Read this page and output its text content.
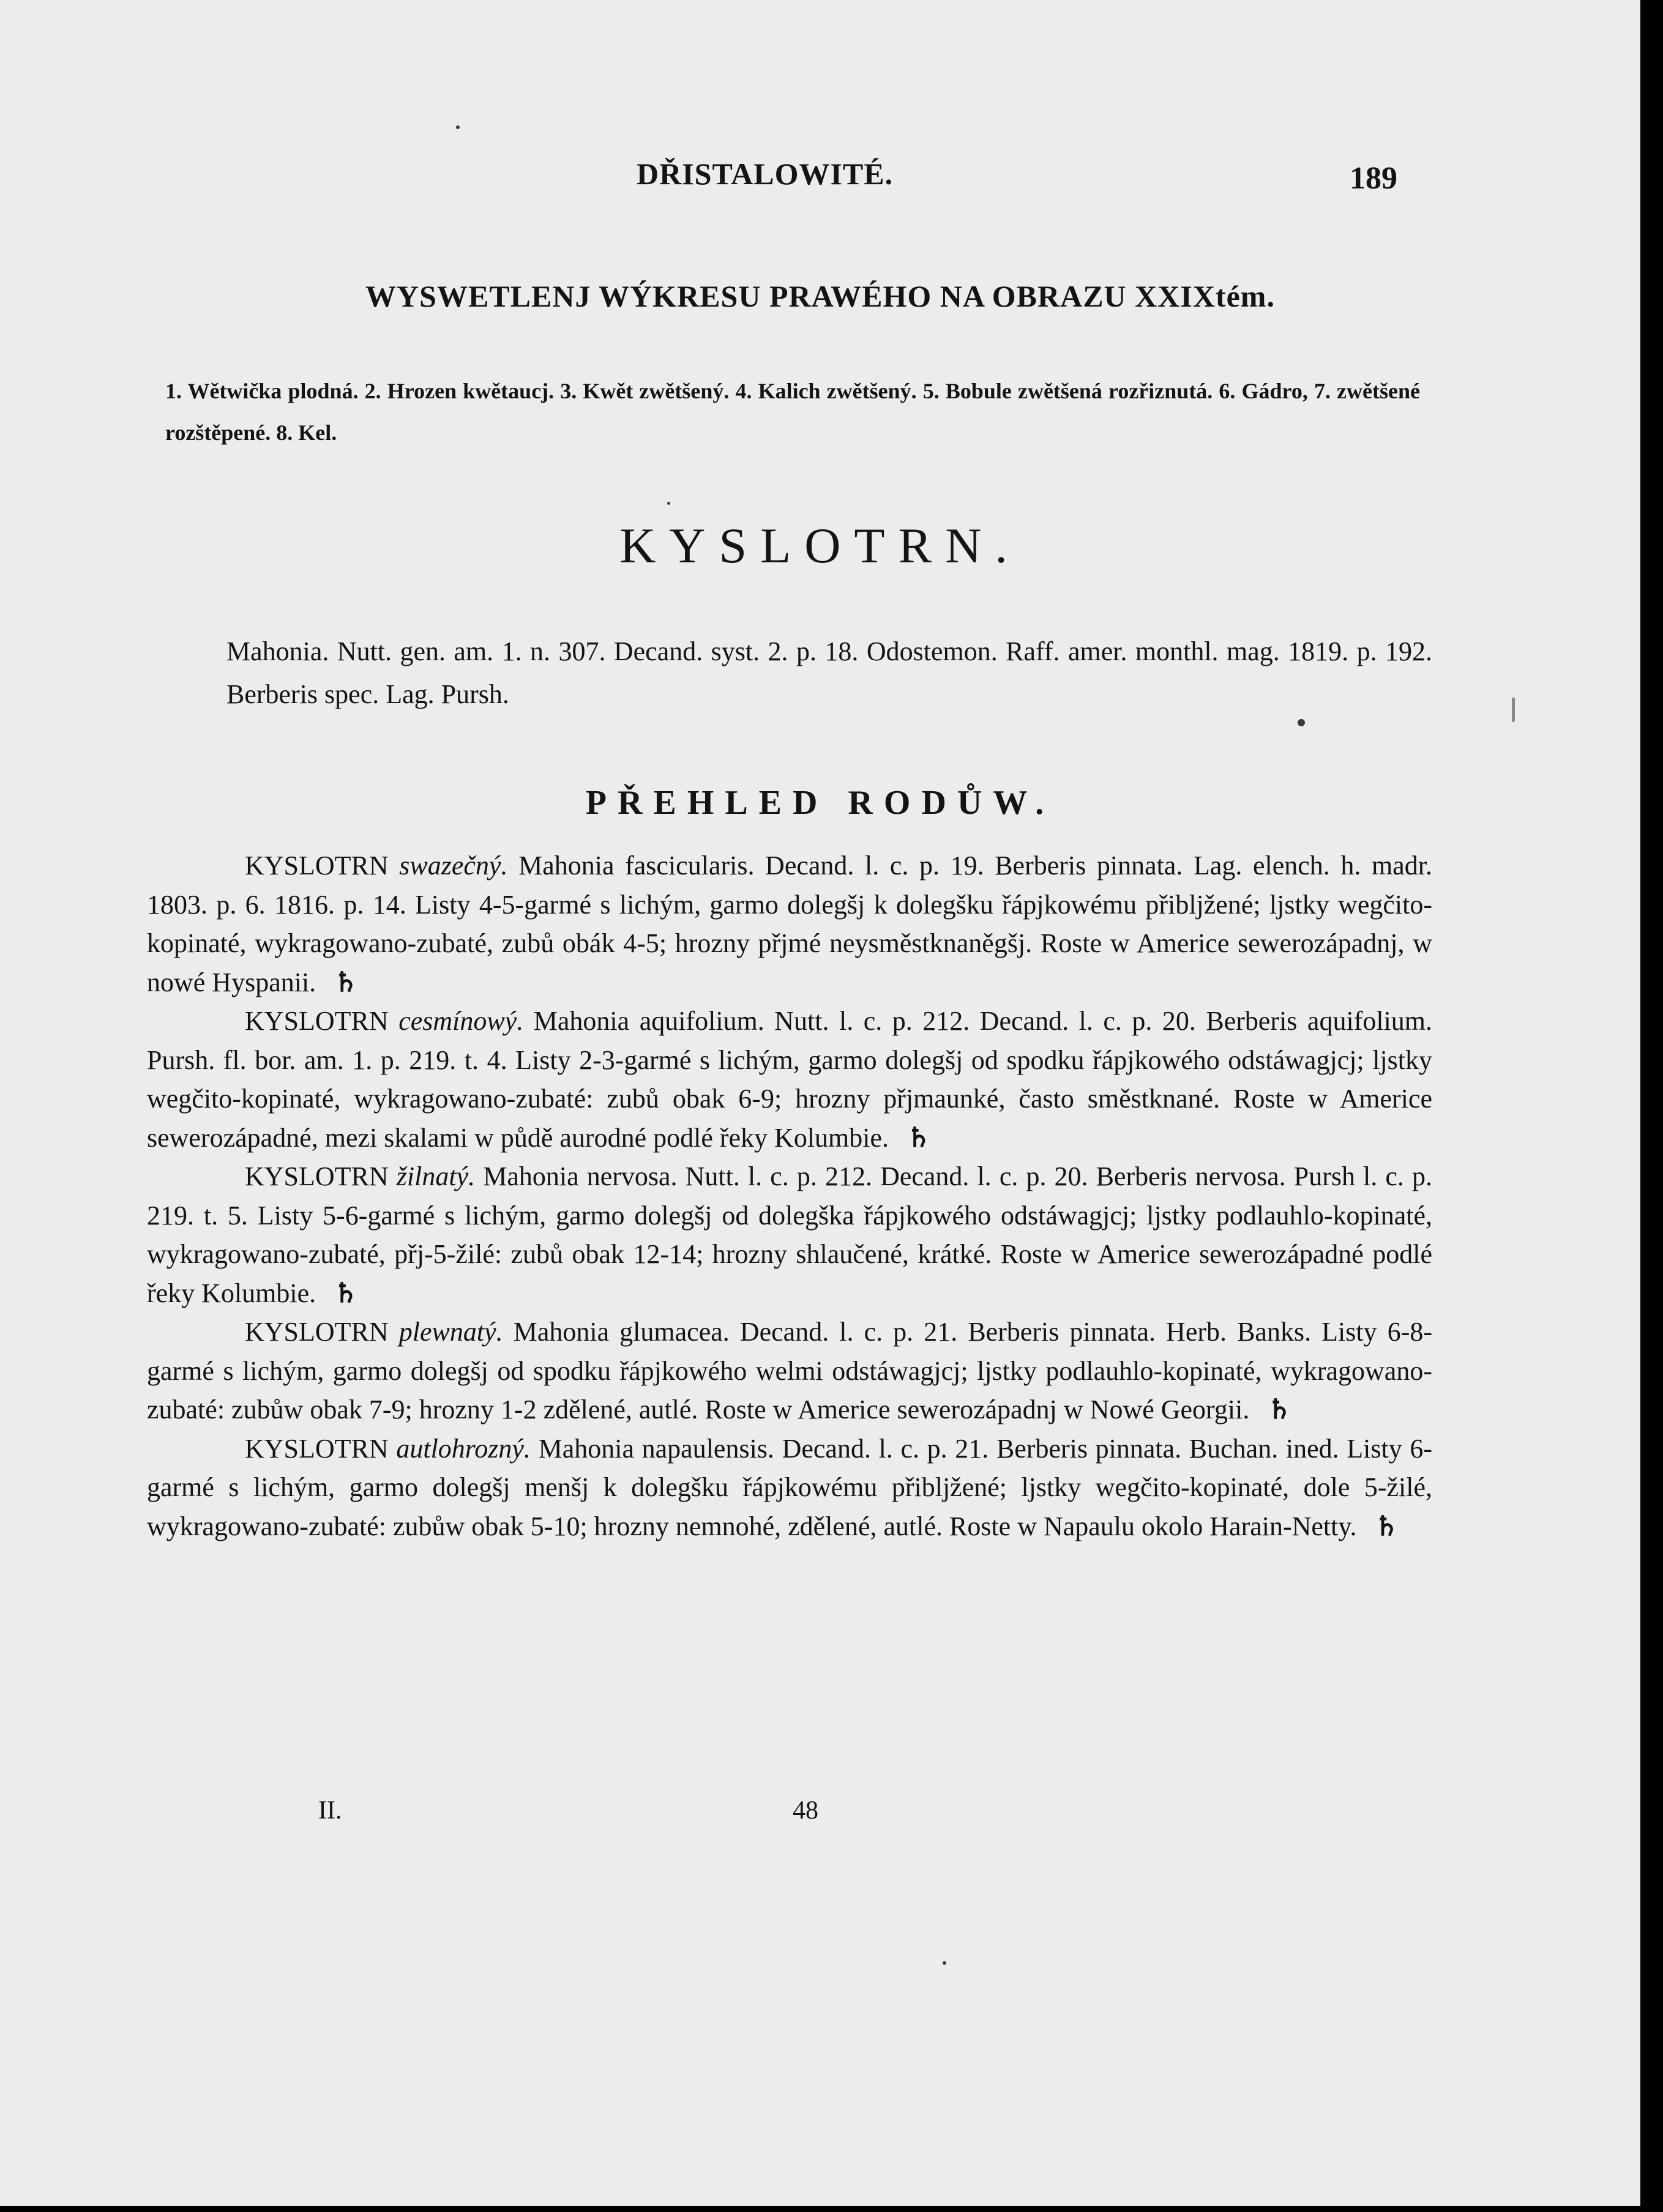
DŘISTALOWITÉ.	189
WYSWETLENJ WÝKRESU PRAWÉHO NA OBRAZU XXIXtém.
1. Wětwička plodná. 2. Hrozen kwětaucj. 3. Kwět zwětšený. 4. Kalich zwětšený. 5. Bobule zwětšená rozřiznutá. 6. Gádro, 7. zwětšené rozštěpené. 8. Kel.
KYSLOTRN.
Mahonia. Nutt. gen. am. 1. n. 307. Decand. syst. 2. p. 18. Odostemon. Raff. amer. monthl. mag. 1819. p. 192. Berberis spec. Lag. Pursh.
PŘEHLED RODŮW.

KYSLOTRN swazečný. Mahonia fascicularis. Decand. l. c. p. 19. Berberis pinnata. Lag. elench. h. madr. 1803. p. 6. 1816. p. 14. Listy 4-5-garmé s lichým, garmo dolegšj k dolegšku řápjkowému přibljžené; ljstky wegčito-kopinaté, wykragowano-zubaté, zubů obák 4-5; hrozny přjmé neysměstknaněgšj. Roste w Americe sewerozápadnj, w nowé Hyspanii. ♄

KYSLOTRN cesmínowý. Mahonia aquifolium. Nutt. l. c. p. 212. Decand. l. c. p. 20. Berberis aquifolium. Pursh. fl. bor. am. 1. p. 219. t. 4. Listy 2-3-garmé s lichým, garmo dolegšj od spodku řápjkowého odstáwagjcj; ljstky wegčito-kopinaté, wykragowano-zubaté: zubů obak 6-9; hrozny přjmaunké, často směstknané. Roste w Americe sewerozápadné, mezi skalami w půdě aurodné podlé řeky Kolumbie. ♄

KYSLOTRN žilnatý. Mahonia nervosa. Nutt. l. c. p. 212. Decand. l. c. p. 20. Berberis nervosa. Pursh l. c. p. 219. t. 5. Listy 5-6-garmé s lichým, garmo dolegšj od dolegška řápjkowého odstáwagjcj; ljstky podlauhlo-kopinaté, wykragowano-zubaté, přj-5-žilé: zubů obak 12-14; hrozny shlaučené, krátké. Roste w Americe sewerozápadné podlé řeky Kolumbie. ♄

KYSLOTRN plewnatý. Mahonia glumacea. Decand. l. c. p. 21. Berberis pinnata. Herb. Banks. Listy 6-8-garmé s lichým, garmo dolegšj od spodku řápjkowého welmi odstáwagjcj; ljstky podlauhlo-kopinaté, wykragowano-zubaté: zubůw obak 7-9; hrozny 1-2 zdělené, autlé. Roste w Americe sewerozápadnj w Nowé Georgii. ♄

KYSLOTRN autlohrozný. Mahonia napaulensis. Decand. l. c. p. 21. Berberis pinnata. Buchan. ined. Listy 6-garmé s lichým, garmo dolegšj menšj k dolegšku řápjkowému přibljžené; ljstky wegčito-kopinaté, dole 5-žilé, wykragowano-zubaté: zubůw obak 5-10; hrozny nemnohé, zdělené, autlé. Roste w Napaulu okolo Harain-Netty. ♄

II.	48
